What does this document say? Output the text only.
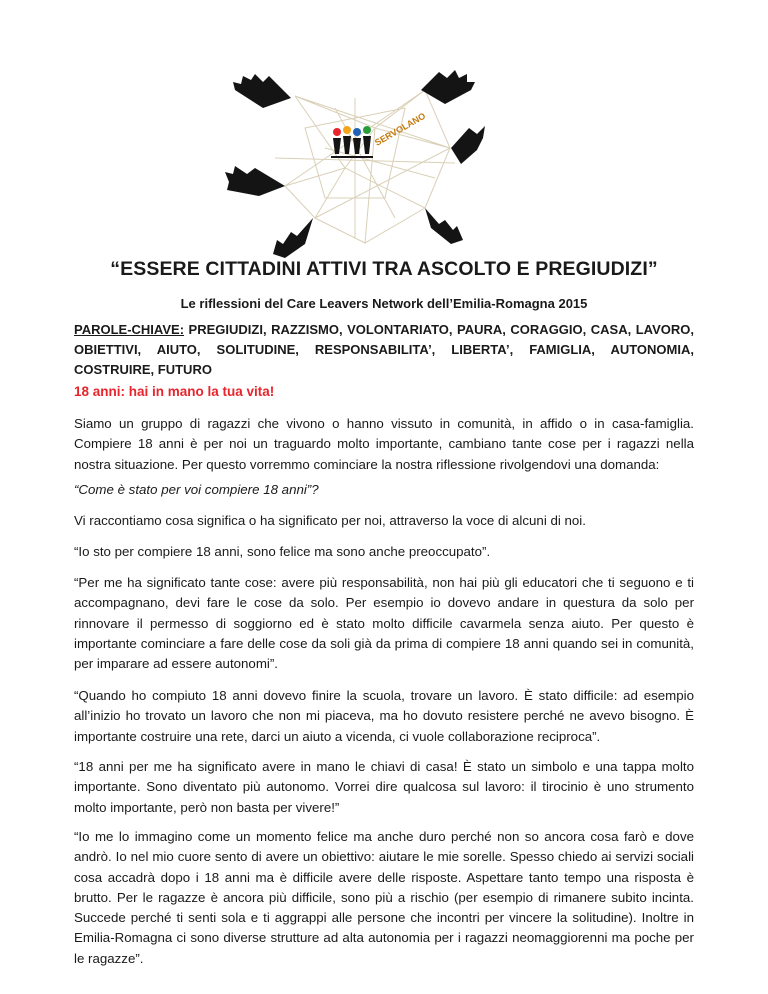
SERVOLANO
“ESSERE CITTADINI ATTIVI TRA ASCOLTO E PREGIUDIZI”

Le riflessioni del Care Leavers Network dell’Emilia-Romagna 2015

PAROLE-CHIAVE: PREGIUDIZI, RAZZISMO, VOLONTARIATO, PAURA, CORAGGIO, CASA, LAVORO, OBIETTIVI, AIUTO, SOLITUDINE, RESPONSABILITA’, LIBERTA’, FAMIGLIA, AUTONOMIA, COSTRUIRE, FUTURO

18 anni: hai in mano la tua vita!

Siamo un gruppo di ragazzi che vivono o hanno vissuto in comunità, in affido o in casa-famiglia. Compiere 18 anni è per noi un traguardo molto importante, cambiano tante cose per i ragazzi nella nostra situazione. Per questo vorremmo cominciare la nostra riflessione rivolgendovi una domanda:

“Come è stato per voi compiere 18 anni”?

Vi raccontiamo cosa significa o ha significato per noi, attraverso la voce di alcuni di noi.

“Io sto per compiere 18 anni, sono felice ma sono anche preoccupato”.

“Per me ha significato tante cose: avere più responsabilità, non hai più gli educatori che ti seguono e ti accompagnano, devi fare le cose da solo. Per esempio io dovevo andare in questura da solo per rinnovare il permesso di soggiorno ed è stato molto difficile cavarmela senza aiuto. Per questo è importante cominciare a fare delle cose da soli già da prima di compiere 18 anni quando sei in comunità, per imparare ad essere autonomi”.

“Quando ho compiuto 18 anni dovevo finire la scuola, trovare un lavoro. È stato difficile: ad esempio all’inizio ho trovato un lavoro che non mi piaceva, ma ho dovuto resistere perché ne avevo bisogno. È importante costruire una rete, darci un aiuto a vicenda, ci vuole collaborazione reciproca”.

“18 anni per me ha significato avere in mano le chiavi di casa! È stato un simbolo e una tappa molto importante. Sono diventato più autonomo. Vorrei dire qualcosa sul lavoro: il tirocinio è uno strumento molto importante, però non basta per vivere!”

“Io me lo immagino come un momento felice ma anche duro perché non so ancora cosa farò e dove andrò. Io nel mio cuore sento di avere un obiettivo: aiutare le mie sorelle. Spesso chiedo ai servizi sociali cosa accadrà dopo i 18 anni ma è difficile avere delle risposte. Aspettare tanto tempo una risposta è brutto. Per le ragazze è ancora più difficile, sono più a rischio (per esempio di rimanere subito incinta. Succede perché ti senti sola e ti aggrappi alle persone che incontri per vincere la solitudine). Inoltre in Emilia-Romagna ci sono diverse strutture ad alta autonomia per i ragazzi neomaggiorenni ma poche per le ragazze”.
